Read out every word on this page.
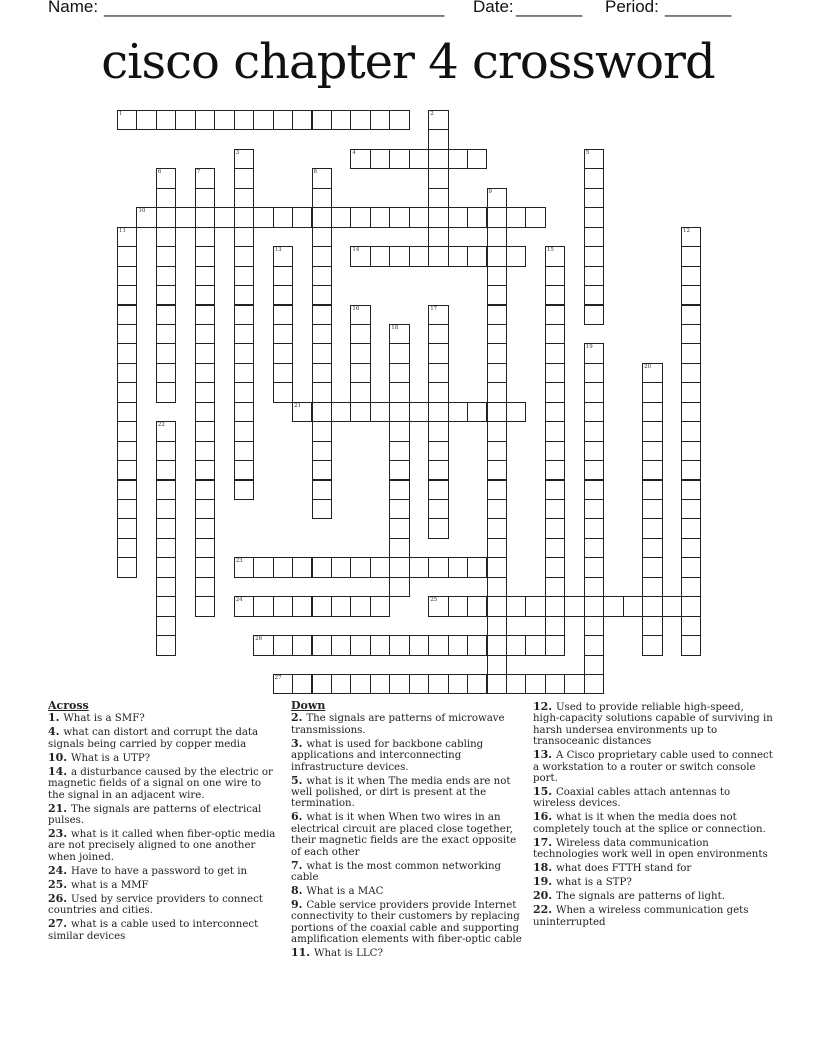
Name:

____________________________________

Date:

_______

Period:

_______

cisco chapter 4 crossword
1	2
3	4	5
6	7	8
9
10
11	12
13	14	15
16	17
18
19
20
21
22
23
24	25
26
27
Across
1. What is a SMF?
4. what can distort and corrupt the data signals being carried by copper media
10. What is a UTP?
14. a disturbance caused by the electric or magnetic fields of a signal on one wire to the signal in an adjacent wire.
21. The signals are patterns of electrical pulses.
23. what is it called when fiber-optic media are not precisely aligned to one another when joined.
24. Have to have a password to get in
25. what is a MMF
26. Used by service providers to connect countries and cities.
27. what is a cable used to interconnect similar devices
Down
2. The signals are patterns of microwave transmissions.
3. what is used for backbone cabling applications and interconnecting infrastructure devices.
5. what is it when The media ends are not well polished, or dirt is present at the termination.
6. what is it when When two wires in an electrical circuit are placed close together, their magnetic fields are the exact opposite of each other
7. what is the most common networking cable
8. What is a MAC
9. Cable service providers provide Internet connectivity to their customers by replacing portions of the coaxial cable and supporting amplification elements with fiber-optic cable
11. What is LLC?
12. Used to provide reliable high-speed, high-capacity solutions capable of surviving in harsh undersea environments up to transoceanic distances
13. A Cisco proprietary cable used to connect a workstation to a router or switch console port.
15. Coaxial cables attach antennas to wireless devices.
16. what is it when the media does not completely touch at the splice or connection.
17. Wireless data communication technologies work well in open environments
18. what does FTTH stand for
19. what is a STP?
20. The signals are patterns of light.
22. When a wireless communication gets uninterrupted
